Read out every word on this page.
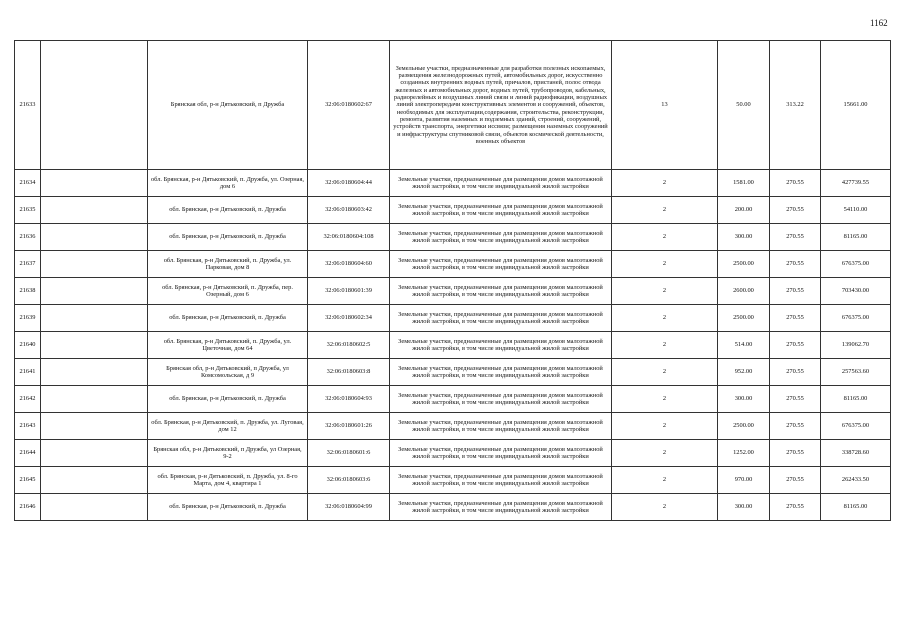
1162
21633		Брянская обл, р-н Дятьковский, п Дружба	32:06:0180602:67	Земельные участки, предназначенные для разработки полезных ископаемых, размещения железнодорожных путей, автомобильных дорог, искусственно созданных внутренних водных путей, причалов, пристаней, полос отвода железных и автомобильных дорог, водных путей, трубопроводов, кабельных, радиорелейных и воздушных линий связи и линий радиофикации, воздушных линий электропередачи конструктивных элементов и сооружений, объектов, необходимых для эксплуатации,содержания, строительства, реконструкции, ремонта, развития наземных и подземных зданий, строений, сооружений, устройств транспорта, энергетики иссвязи; размещения наземных сооружений и инфраструктуры спутниковой связи, объектов космической деятельности, военных объектов	13	50.00	313.22	15661.00
21634		обл. Брянская, р-н Дятьковский, п. Дружба, ул. Озерная, дом 6	32:06:0180604:44	Земельные участки, предназначенные для размещения домов малоэтажной жилой застройки, в том числе индивидуальной жилой застройки	2	1581.00	270.55	427739.55
21635		обл. Брянская, р-н Дятьковский, п. Дружба	32:06:0180603:42	Земельные участки, предназначенные для размещения домов малоэтажной жилой застройки, в том числе индивидуальной жилой застройки	2	200.00	270.55	54110.00
21636		обл. Брянская, р-н Дятьковский, п. Дружба	32:06:0180604:108	Земельные участки, предназначенные для размещения домов малоэтажной жилой застройки, в том числе индивидуальной жилой застройки	2	300.00	270.55	81165.00
21637		обл. Брянская, р-н Дятьковский, п. Дружба, ул. Парковая, дом 8	32:06:0180604:60	Земельные участки, предназначенные для размещения домов малоэтажной жилой застройки, в том числе индивидуальной жилой застройки	2	2500.00	270.55	676375.00
21638		обл. Брянская, р-н Дятьковский, п. Дружба, пер. Озерный, дом 6	32:06:0180601:39	Земельные участки, предназначенные для размещения домов малоэтажной жилой застройки, в том числе индивидуальной жилой застройки	2	2600.00	270.55	703430.00
21639		обл. Брянская, р-н Дятьковский, п. Дружба	32:06:0180602:34	Земельные участки, предназначенные для размещения домов малоэтажной жилой застройки, в том числе индивидуальной жилой застройки	2	2500.00	270.55	676375.00
21640		обл. Брянская, р-н Дятьковский, п. Дружба, ул. Цветочная, дом 64	32:06:0180602:5	Земельные участки, предназначенные для размещения домов малоэтажной жилой застройки, в том числе индивидуальной жилой застройки	2	514.00	270.55	139062.70
21641		Брянская обл, р-н Дятьковский, п Дружба, ул Комсомольская, д 9	32:06:0180603:8	Земельные участки, предназначенные для размещения домов малоэтажной жилой застройки, в том числе индивидуальной жилой застройки	2	952.00	270.55	257563.60
21642		обл. Брянская, р-н Дятьковский, п. Дружба	32:06:0180604:93	Земельные участки, предназначенные для размещения домов малоэтажной жилой застройки, в том числе индивидуальной жилой застройки	2	300.00	270.55	81165.00
21643		обл. Брянская, р-н Дятьковский, п. Дружба, ул. Луговая, дом 12	32:06:0180601:26	Земельные участки, предназначенные для размещения домов малоэтажной жилой застройки, в том числе индивидуальной жилой застройки	2	2500.00	270.55	676375.00
21644		Брянская обл, р-н Дятьковский, п Дружба, ул Озерная, 9-2	32:06:0180601:6	Земельные участки, предназначенные для размещения домов малоэтажной жилой застройки, в том числе индивидуальной жилой застройки	2	1252.00	270.55	338728.60
21645		обл. Брянская, р-н Дятьковский, п. Дружба, ул. 8-го Марта, дом 4, квартира 1	32:06:0180603:6	Земельные участки, предназначенные для размещения домов малоэтажной жилой застройки, в том числе индивидуальной жилой застройки	2	970.00	270.55	262433.50
21646		обл. Брянская, р-н Дятьковский, п. Дружба	32:06:0180604:99	Земельные участки, предназначенные для размещения домов малоэтажной жилой застройки, в том числе индивидуальной жилой застройки	2	300.00	270.55	81165.00
